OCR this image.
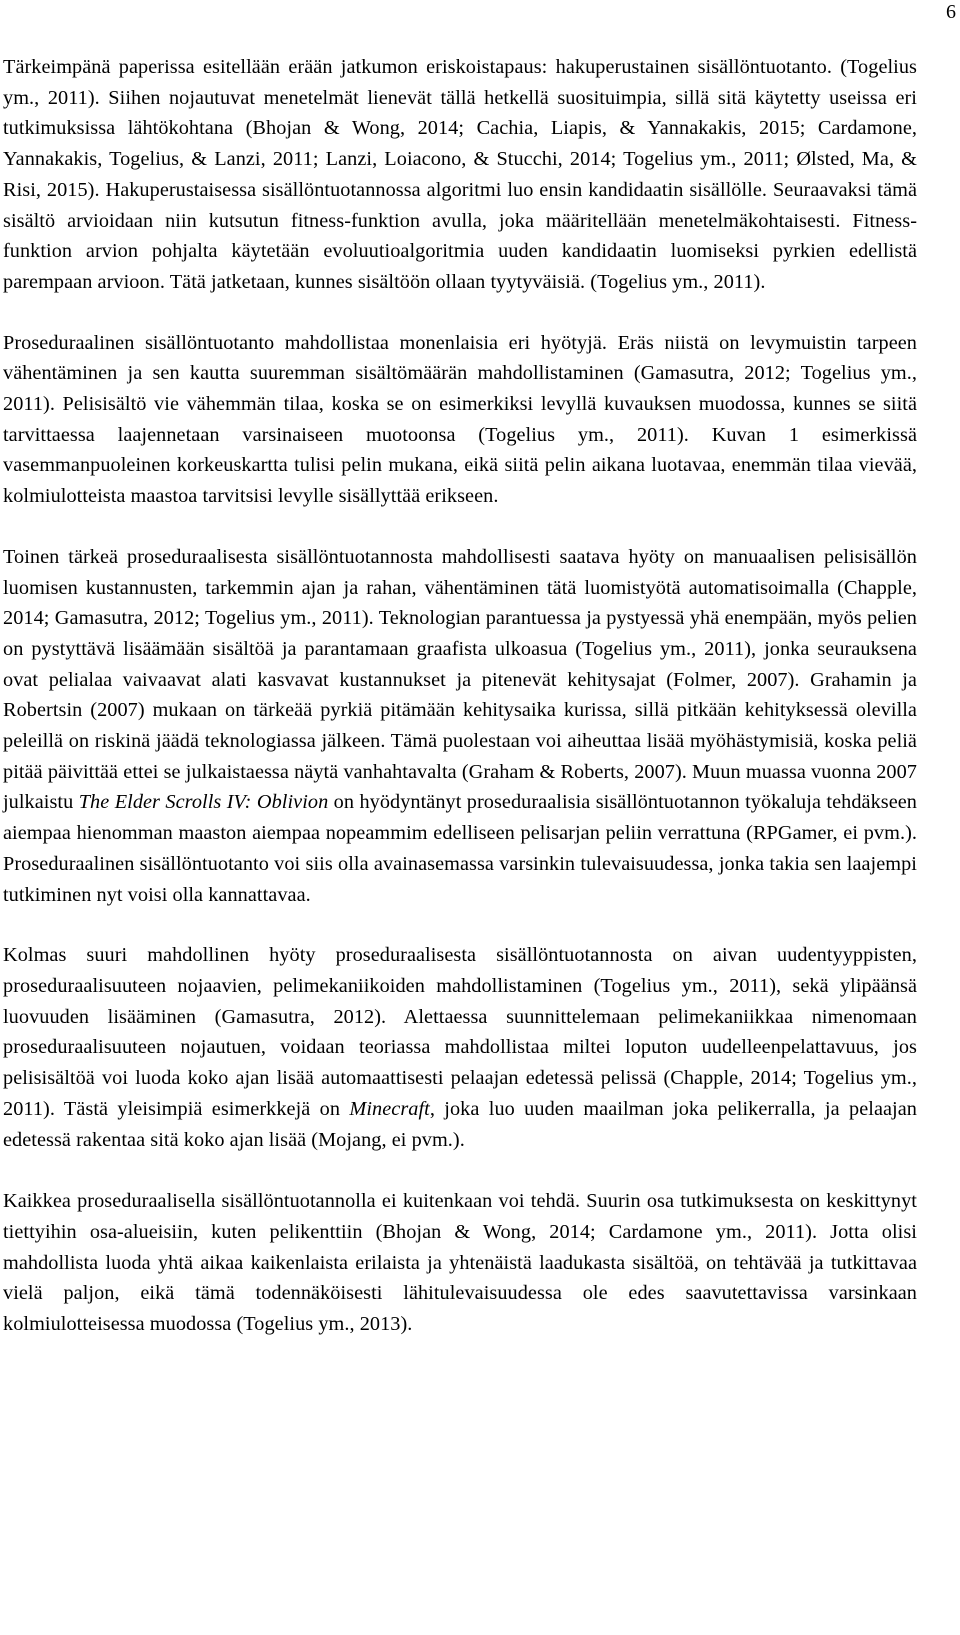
6

Tärkeimpänä paperissa esitellään erään jatkumon eriskoistapaus: hakuperustainen sisällöntuotanto. (Togelius ym., 2011). Siihen nojautuvat menetelmät lienevät tällä hetkellä suosituimpia, sillä sitä käytetty useissa eri tutkimuksissa lähtökohtana (Bhojan & Wong, 2014; Cachia, Liapis, & Yannakakis, 2015; Cardamone, Yannakakis, Togelius, & Lanzi, 2011; Lanzi, Loiacono, & Stucchi, 2014; Togelius ym., 2011; Ølsted, Ma, & Risi, 2015). Hakuperustaisessa sisällöntuotannossa algoritmi luo ensin kandidaatin sisällölle. Seuraavaksi tämä sisältö arvioidaan niin kutsutun fitness-funktion avulla, joka määritellään menetelmäkohtaisesti. Fitness-funktion arvion pohjalta käytetään evoluutioalgoritmia uuden kandidaatin luomiseksi pyrkien edellistä parempaan arvioon. Tätä jatketaan, kunnes sisältöön ollaan tyytyväisiä. (Togelius ym., 2011).

Proseduraalinen sisällöntuotanto mahdollistaa monenlaisia eri hyötyjä. Eräs niistä on levymuistin tarpeen vähentäminen ja sen kautta suuremman sisältömäärän mahdollistaminen (Gamasutra, 2012; Togelius ym., 2011). Pelisisältö vie vähemmän tilaa, koska se on esimerkiksi levyllä kuvauksen muodossa, kunnes se siitä tarvittaessa laajennetaan varsinaiseen muotoonsa (Togelius ym., 2011). Kuvan 1 esimerkissä vasemmanpuoleinen korkeuskartta tulisi pelin mukana, eikä siitä pelin aikana luotavaa, enemmän tilaa vievää, kolmiulotteista maastoa tarvitsisi levylle sisällyttää erikseen.

Toinen tärkeä proseduraalisesta sisällöntuotannosta mahdollisesti saatava hyöty on manuaalisen pelisisällön luomisen kustannusten, tarkemmin ajan ja rahan, vähentäminen tätä luomistyötä automatisoimalla (Chapple, 2014; Gamasutra, 2012; Togelius ym., 2011). Teknologian parantuessa ja pystyessä yhä enempään, myös pelien on pystyttävä lisäämään sisältöä ja parantamaan graafista ulkoasua (Togelius ym., 2011), jonka seurauksena ovat pelialaa vaivaavat alati kasvavat kustannukset ja pitenevät kehitysajat (Folmer, 2007). Grahamin ja Robertsin (2007) mukaan on tärkeää pyrkiä pitämään kehitysaika kurissa, sillä pitkään kehityksessä olevilla peleillä on riskinä jäädä teknologiassa jälkeen. Tämä puolestaan voi aiheuttaa lisää myöhästymisiä, koska peliä pitää päivittää ettei se julkaistaessa näytä vanhahtavalta (Graham & Roberts, 2007). Muun muassa vuonna 2007 julkaistu The Elder Scrolls IV: Oblivion on hyödyntänyt proseduraalisia sisällöntuotannon työkaluja tehdäkseen aiempaa hienomman maaston aiempaa nopeammim edelliseen pelisarjan peliin verrattuna (RPGamer, ei pvm.). Proseduraalinen sisällöntuotanto voi siis olla avainasemassa varsinkin tulevaisuudessa, jonka takia sen laajempi tutkiminen nyt voisi olla kannattavaa.

Kolmas suuri mahdollinen hyöty proseduraalisesta sisällöntuotannosta on aivan uudentyyppisten, proseduraalisuuteen nojaavien, pelimekaniikoiden mahdollistaminen (Togelius ym., 2011), sekä ylipäänsä luovuuden lisääminen (Gamasutra, 2012). Alettaessa suunnittelemaan pelimekaniikkaa nimenomaan proseduraalisuuteen nojautuen, voidaan teoriassa mahdollistaa miltei loputon uudelleenpelattavuus, jos pelisisältöä voi luoda koko ajan lisää automaattisesti pelaajan edetessä pelissä (Chapple, 2014; Togelius ym., 2011). Tästä yleisimpiä esimerkkejä on Minecraft, joka luo uuden maailman joka pelikerralla, ja pelaajan edetessä rakentaa sitä koko ajan lisää (Mojang, ei pvm.).

Kaikkea proseduraalisella sisällöntuotannolla ei kuitenkaan voi tehdä. Suurin osa tutkimuksesta on keskittynyt tiettyihin osa-alueisiin, kuten pelikenttiin (Bhojan & Wong, 2014; Cardamone ym., 2011). Jotta olisi mahdollista luoda yhtä aikaa kaikenlaista erilaista ja yhtenäistä laadukasta sisältöä, on tehtävää ja tutkittavaa vielä paljon, eikä tämä todennäköisesti lähitulevaisuudessa ole edes saavutettavissa varsinkaan kolmiulotteisessa muodossa (Togelius ym., 2013).
